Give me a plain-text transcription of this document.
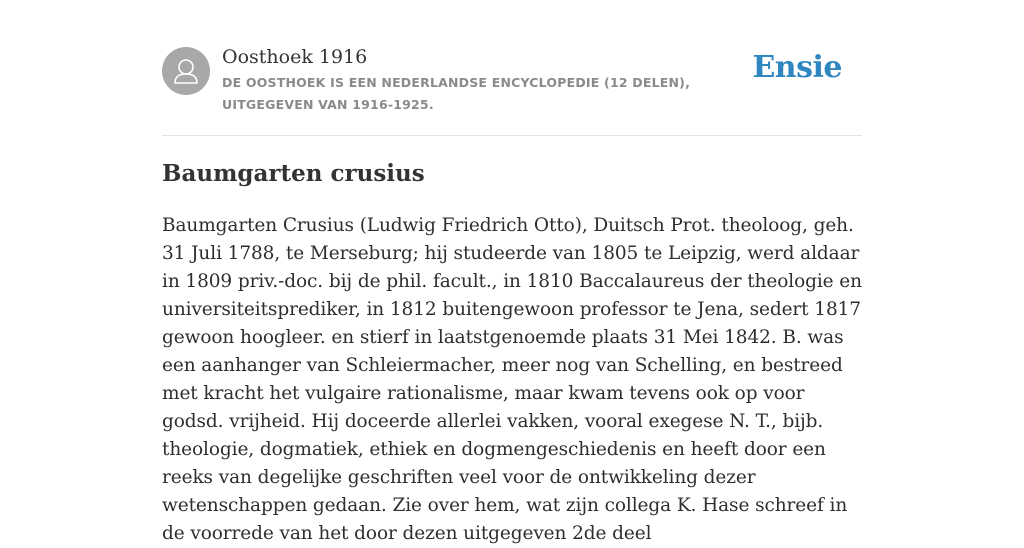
Oosthoek 1916
DE OOSTHOEK IS EEN NEDERLANDSE ENCYCLOPEDIE (12 DELEN), UITGEGEVEN VAN 1916-1925.
Ensie
Baumgarten crusius

Baumgarten Crusius (Ludwig Friedrich Otto), Duitsch Prot. theoloog, geh. 31 Juli 1788, te Merseburg; hij studeerde van 1805 te Leipzig, werd aldaar in 1809 priv.-doc. bij de phil. facult., in 1810 Baccalaureus der theologie en universiteitsprediker, in 1812 buitengewoon professor te Jena, sedert 1817 gewoon hoogleer. en stierf in laatstgenoemde plaats 31 Mei 1842. B. was een aanhanger van Schleiermacher, meer nog van Schelling, en bestreed met kracht het vulgaire rationalisme, maar kwam tevens ook op voor godsd. vrijheid. Hij doceerde allerlei vakken, vooral exegese N. T., bijb. theologie, dogmatiek, ethiek en dogmengeschiedenis en heeft door een reeks van degelijke geschriften veel voor de ontwikkeling dezer wetenschappen gedaan. Zie over hem, wat zijn collega K. Hase schreef in de voorrede van het door dezen uitgegeven 2de deel
